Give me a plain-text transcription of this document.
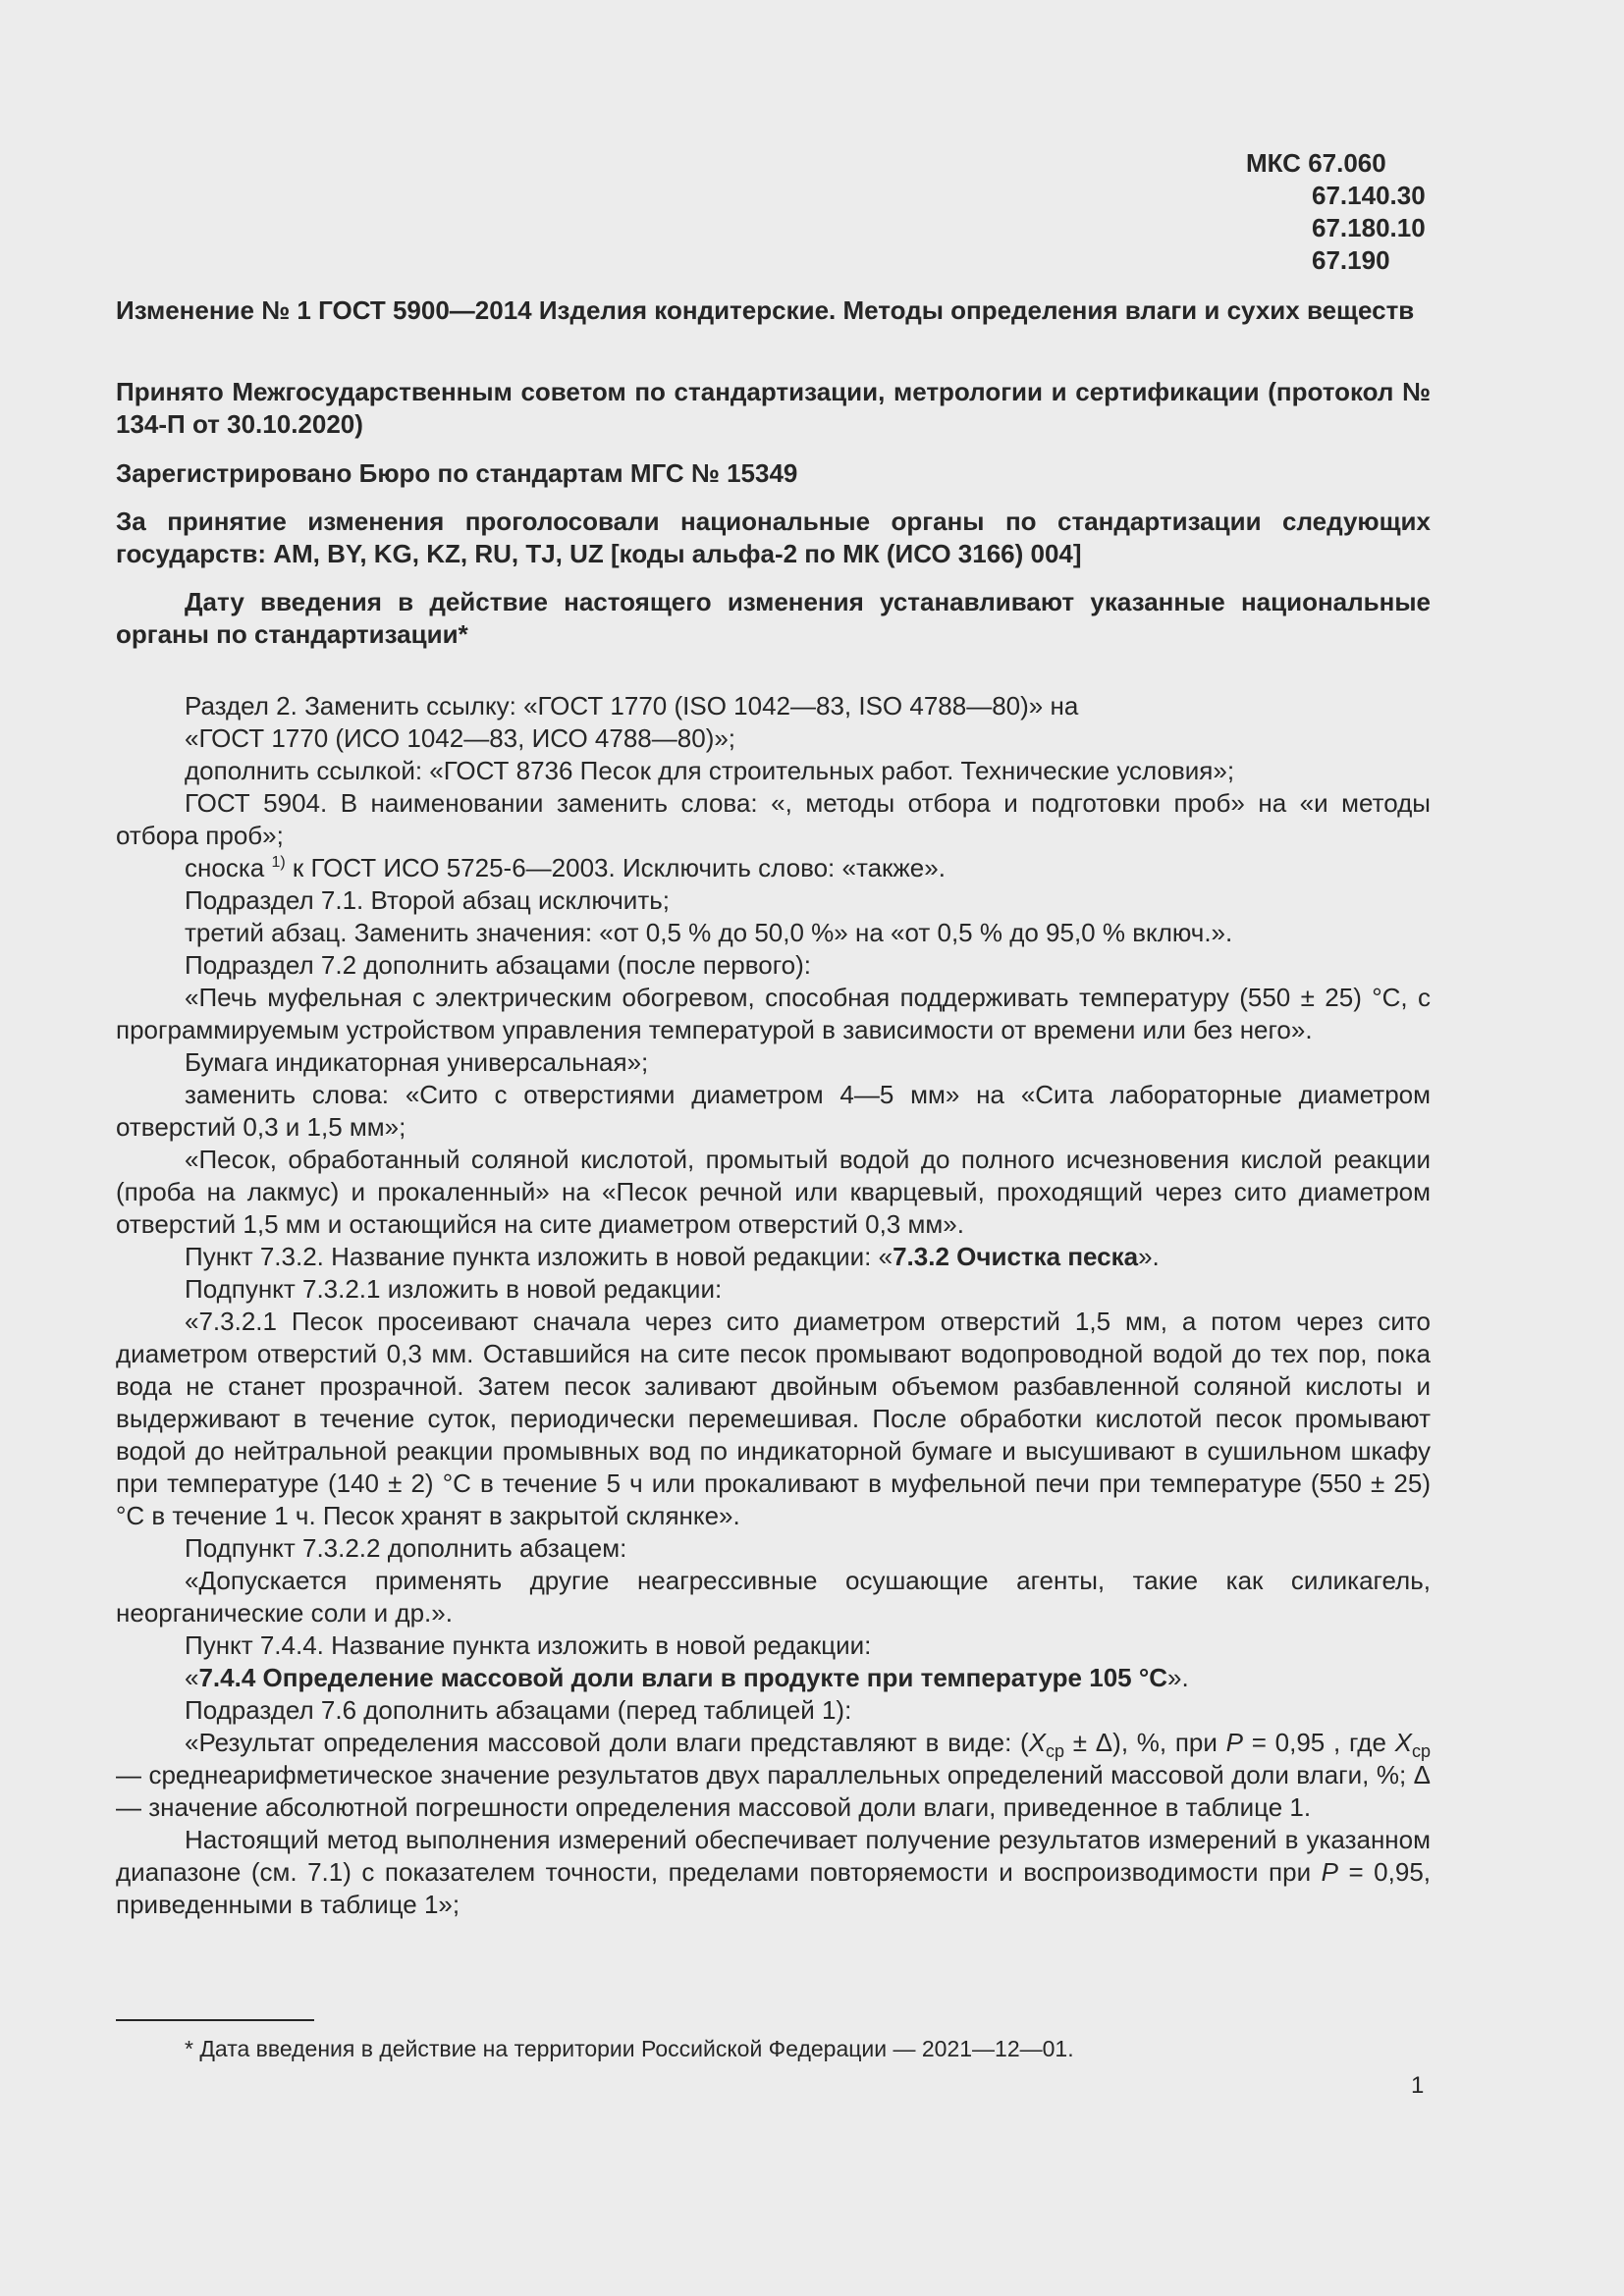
МКС 67.060
67.140.30
67.180.10
67.190

Изменение № 1 ГОСТ 5900—2014 Изделия кондитерские. Методы определения влаги и сухих веществ

Принято Межгосударственным советом по стандартизации, метрологии и сертификации (протокол № 134-П от 30.10.2020)

Зарегистрировано Бюро по стандартам МГС № 15349

За принятие изменения проголосовали национальные органы по стандартизации следующих государств: AM, BY, KG, KZ, RU, TJ, UZ [коды альфа-2 по МК (ИСО 3166) 004]

Дату введения в действие настоящего изменения устанавливают указанные национальные органы по стандартизации*

Раздел 2. Заменить ссылку: «ГОСТ 1770 (ISO 1042—83, ISO 4788—80)» на

«ГОСТ 1770 (ИСО 1042—83, ИСО 4788—80)»;

дополнить ссылкой: «ГОСТ 8736 Песок для строительных работ. Технические условия»;

ГОСТ 5904. В наименовании заменить слова: «, методы отбора и подготовки проб» на «и методы отбора проб»;

сноска $^{1)}$ к ГОСТ ИСО 5725-6—2003. Исключить слово: «также».

Подраздел 7.1. Второй абзац исключить;

третий абзац. Заменить значения: «от 0,5 % до 50,0 %» на «от 0,5 % до 95,0 % включ.».

Подраздел 7.2 дополнить абзацами (после первого):

«Печь муфельная с электрическим обогревом, способная поддерживать температуру (550 ± 25) °С, с программируемым устройством управления температурой в зависимости от времени или без него».

Бумага индикаторная универсальная»;

заменить слова: «Сито с отверстиями диаметром 4—5 мм» на «Сита лабораторные диаметром отверстий 0,3 и 1,5 мм»;

«Песок, обработанный соляной кислотой, промытый водой до полного исчезновения кислой реакции (проба на лакмус) и прокаленный» на «Песок речной или кварцевый, проходящий через сито диаметром отверстий 1,5 мм и остающийся на сите диаметром отверстий 0,3 мм».

Пункт 7.3.2. Название пункта изложить в новой редакции: «7.3.2 Очистка песка».

Подпункт 7.3.2.1 изложить в новой редакции:

«7.3.2.1 Песок просеивают сначала через сито диаметром отверстий 1,5 мм, а потом через сито диаметром отверстий 0,3 мм. Оставшийся на сите песок промывают водопроводной водой до тех пор, пока вода не станет прозрачной. Затем песок заливают двойным объемом разбавленной соляной кислоты и выдерживают в течение суток, периодически перемешивая. После обработки кислотой песок промывают водой до нейтральной реакции промывных вод по индикаторной бумаге и высушивают в сушильном шкафу при температуре (140 ± 2) °С в течение 5 ч или прокаливают в муфельной печи при температуре (550 ± 25) °С в течение 1 ч. Песок хранят в закрытой склянке».

Подпункт 7.3.2.2 дополнить абзацем:

«Допускается применять другие неагрессивные осушающие агенты, такие как силикагель, неорганические соли и др.».

Пункт 7.4.4. Название пункта изложить в новой редакции:

«7.4.4 Определение массовой доли влаги в продукте при температуре 105 °С».

Подраздел 7.6 дополнить абзацами (перед таблицей 1):

«Результат определения массовой доли влаги представляют в виде: $(X_{ср} \pm \Delta)$, %, при P = 0,95 , где $X_{ср}$ — среднеарифметическое значение результатов двух параллельных определений массовой доли влаги, %; Δ — значение абсолютной погрешности определения массовой доли влаги, приведенное в таблице 1.

Настоящий метод выполнения измерений обеспечивает получение результатов измерений в указанном диапазоне (см. 7.1) с показателем точности, пределами повторяемости и воспроизводимости при P = 0,95, приведенными в таблице 1»;

* Дата введения в действие на территории Российской Федерации — 2021—12—01.
1
